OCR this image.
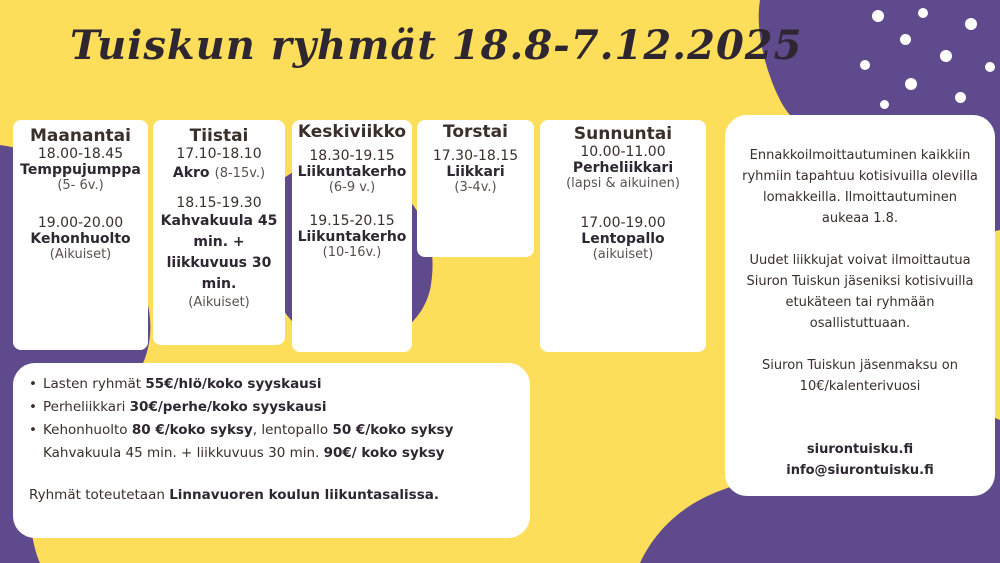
Tuiskun ryhmät 18.8-7.12.2025
Maanantai
18.00-18.45
Temppujumppa
(5- 6v.)
19.00-20.00
Kehonhuolto
(Aikuiset)
Tiistai
17.10-18.10
Akro (8-15v.)
18.15-19.30
Kahvakuula 45 min. + liikkuvuus 30 min.
(Aikuiset)
Keskiviikko
18.30-19.15
Liikuntakerho
(6-9 v.)
19.15-20.15
Liikuntakerho
(10-16v.)
Torstai
17.30-18.15
Liikkari
(3-4v.)
Sunnuntai
10.00-11.00
Perheliikkari
(lapsi & aikuinen)
17.00-19.00
Lentopallo
(aikuiset)
• Lasten ryhmät 55€/hlö/koko syyskausi
• Perheliikkari 30€/perhe/koko syyskausi
• Kehonhuolto 80 €/koko syksy, lentopallo 50 €/koko syksy
Kahvakuula 45 min. + liikkuvuus 30 min. 90€/ koko syksy
Ryhmät toteutetaan Linnavuoren koulun liikuntasalissa.

Ennakkoilmoittautuminen kaikkiin ryhmiin tapahtuu kotisivuilla olevilla lomakkeilla. Ilmoittautuminen aukeaa 1.8.

Uudet liikkujat voivat ilmoittautua Siuron Tuiskun jäseniksi kotisivuilla etukäteen tai ryhmään osallistuttuaan.

Siuron Tuiskun jäsenmaksu on 10€/kalenterivuosi

siurontuisku.fi
info@siurontuisku.fi
